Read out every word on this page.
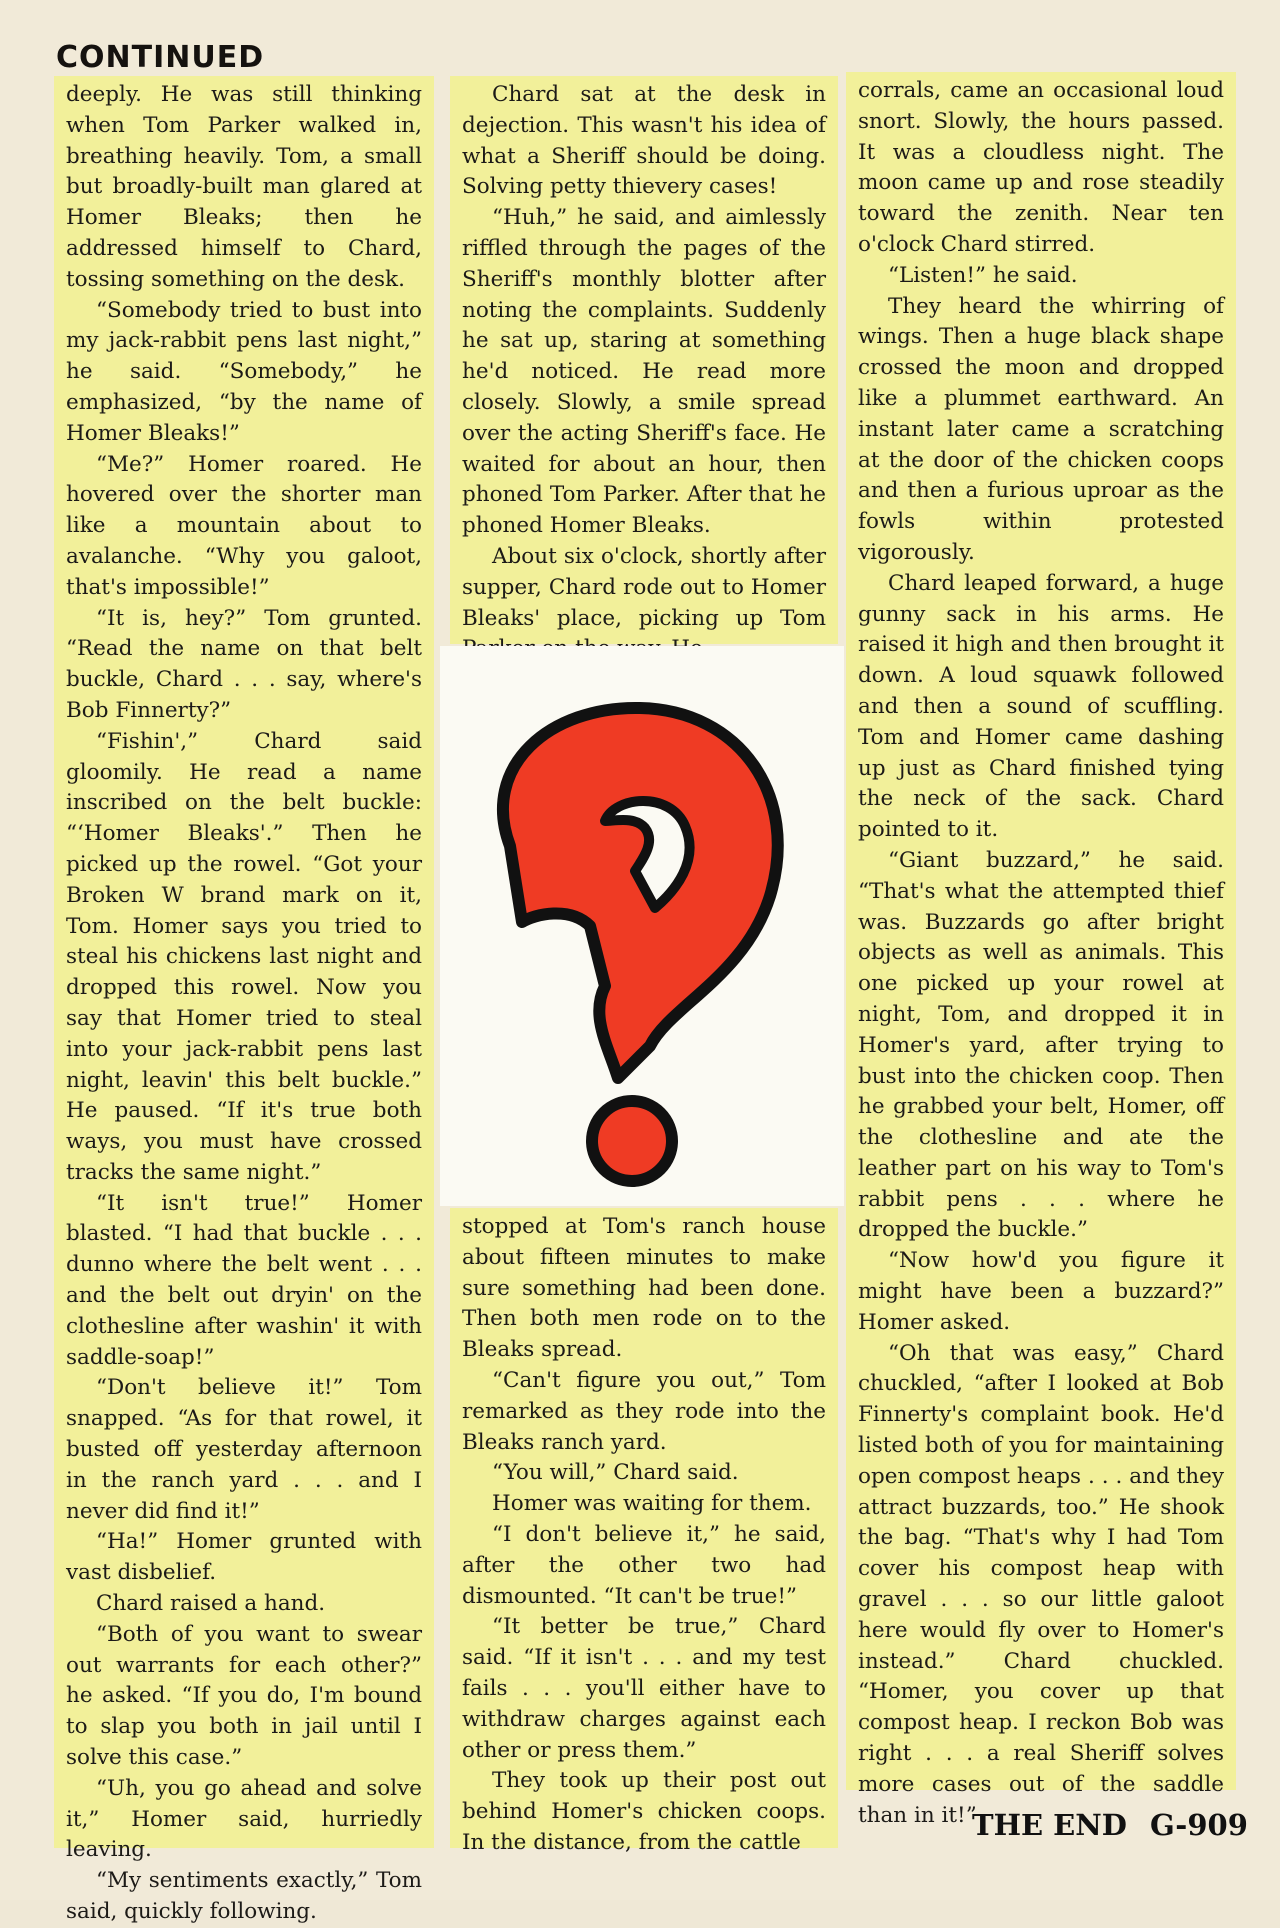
CONTINUED

deeply. He was still thinking when Tom Parker walked in, breathing heavily. Tom, a small but broadly-built man glared at Homer Bleaks; then he addressed himself to Chard, tossing something on the desk.

“Somebody tried to bust into my jack-rabbit pens last night,” he said. “Somebody,” he emphasized, “by the name of Homer Bleaks!”

“Me?” Homer roared. He hovered over the shorter man like a mountain about to avalanche. “Why you galoot, that's impossible!”

“It is, hey?” Tom grunted. “Read the name on that belt buckle, Chard . . . say, where's Bob Finnerty?”

“Fishin',” Chard said gloomily. He read a name inscribed on the belt buckle: “‘Homer Bleaks'.” Then he picked up the rowel. “Got your Broken W brand mark on it, Tom. Homer says you tried to steal his chickens last night and dropped this rowel. Now you say that Homer tried to steal into your jack-rabbit pens last night, leavin' this belt buckle.” He paused. “If it's true both ways, you must have crossed tracks the same night.”

“It isn't true!” Homer blasted. “I had that buckle . . . dunno where the belt went . . . and the belt out dryin' on the clothesline after washin' it with saddle-soap!”

“Don't believe it!” Tom snapped. “As for that rowel, it busted off yesterday afternoon in the ranch yard . . . and I never did find it!”

“Ha!” Homer grunted with vast disbelief.

Chard raised a hand.

“Both of you want to swear out warrants for each other?” he asked. “If you do, I'm bound to slap you both in jail until I solve this case.”

“Uh, you go ahead and solve it,” Homer said, hurriedly leaving.

“My sentiments exactly,” Tom said, quickly following.

Chard sat at the desk in dejection. This wasn't his idea of what a Sheriff should be doing. Solving petty thievery cases!

“Huh,” he said, and aimlessly riffled through the pages of the Sheriff's monthly blotter after noting the complaints. Suddenly he sat up, staring at something he'd noticed. He read more closely. Slowly, a smile spread over the acting Sheriff's face. He waited for about an hour, then phoned Tom Parker. After that he phoned Homer Bleaks.

About six o'clock, shortly after supper, Chard rode out to Homer Bleaks' place, picking up Tom

stopped at Tom's ranch house about fifteen minutes to make sure something had been done. Then both men rode on to the Bleaks spread.

“Can't figure you out,” Tom remarked as they rode into the Bleaks ranch yard.

“You will,” Chard said.

Homer was waiting for them.

“I don't believe it,” he said, after the other two had dismounted. “It can't be true!”

“It better be true,” Chard said. “If it isn't . . . and my test fails . . . you'll either have to withdraw charges against each other or press them.”

They took up their post out behind Homer's chicken coops. In the distance, from the cattle

corrals, came an occasional loud snort. Slowly, the hours passed. It was a cloudless night. The moon came up and rose steadily toward the zenith. Near ten o'clock Chard stirred.

“Listen!” he said.

They heard the whirring of wings. Then a huge black shape crossed the moon and dropped like a plummet earthward. An instant later came a scratching at the door of the chicken coops and then a furious uproar as the fowls within protested vigorously.

Chard leaped forward, a huge gunny sack in his arms. He raised it high and then brought it down. A loud squawk followed and then a sound of scuffling. Tom and Homer came dashing up just as Chard finished tying the neck of the sack. Chard pointed to it.

“Giant buzzard,” he said. “That's what the attempted thief was. Buzzards go after bright objects as well as animals. This one picked up your rowel at night, Tom, and dropped it in Homer's yard, after trying to bust into the chicken coop. Then he grabbed your belt, Homer, off the clothesline and ate the leather part on his way to Tom's rabbit pens . . . where he dropped the buckle.”

“Now how'd you figure it might have been a buzzard?” Homer asked.

“Oh that was easy,” Chard chuckled, “after I looked at Bob Finnerty's complaint book. He'd listed both of you for maintaining open compost heaps . . . and they attract buzzards, too.” He shook the bag. “That's why I had Tom cover his compost heap with gravel . . . so our little galoot here would fly over to Homer's instead.” Chard chuckled. “Homer, you cover up that compost heap. I reckon Bob was right . . . a real Sheriff solves more cases out of the saddle than in it!”

THE END G-909
